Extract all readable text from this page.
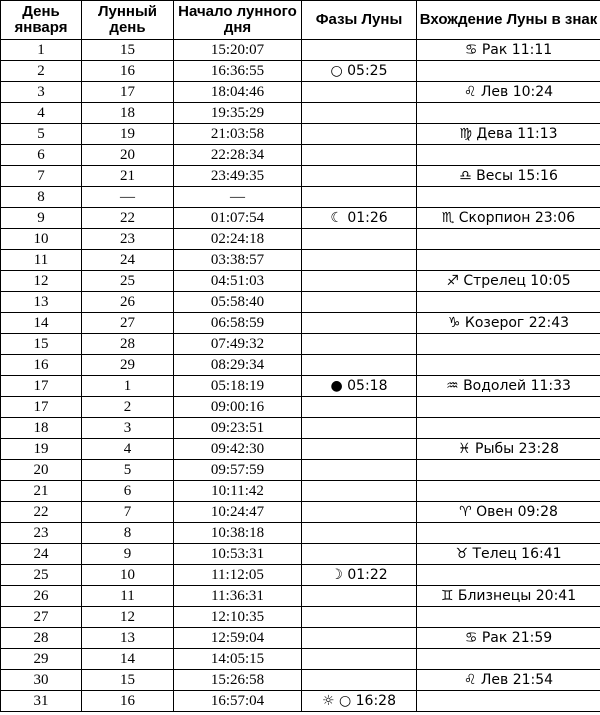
День января	Лунный день	Начало лунного дня	Фазы Луны	Вхождение Луны в знак
1	15	15:20:07		♋ Рак 11:11
2	16	16:36:55	○ 05:25	
3	17	18:04:46		♌ Лев 10:24
4	18	19:35:29		
5	19	21:03:58		♍ Дева 11:13
6	20	22:28:34		
7	21	23:49:35		♎ Весы 15:16
8	—	—		
9	22	01:07:54	☾ 01:26	♏ Скорпион 23:06
10	23	02:24:18		
11	24	03:38:57		
12	25	04:51:03		♐ Стрелец 10:05
13	26	05:58:40		
14	27	06:58:59		♑ Козерог 22:43
15	28	07:49:32		
16	29	08:29:34		
17	1	05:18:19	● 05:18	♒ Водолей 11:33
17	2	09:00:16		
18	3	09:23:51		
19	4	09:42:30		♓ Рыбы 23:28
20	5	09:57:59		
21	6	10:11:42		
22	7	10:24:47		♈ Овен 09:28
23	8	10:38:18		
24	9	10:53:31		♉ Телец 16:41
25	10	11:12:05	☽ 01:22	
26	11	11:36:31		♊ Близнецы 20:41
27	12	12:10:35		
28	13	12:59:04		♋ Рак 21:59
29	14	14:05:15		
30	15	15:26:58		♌ Лев 21:54
31	16	16:57:04	☼ ○ 16:28	
